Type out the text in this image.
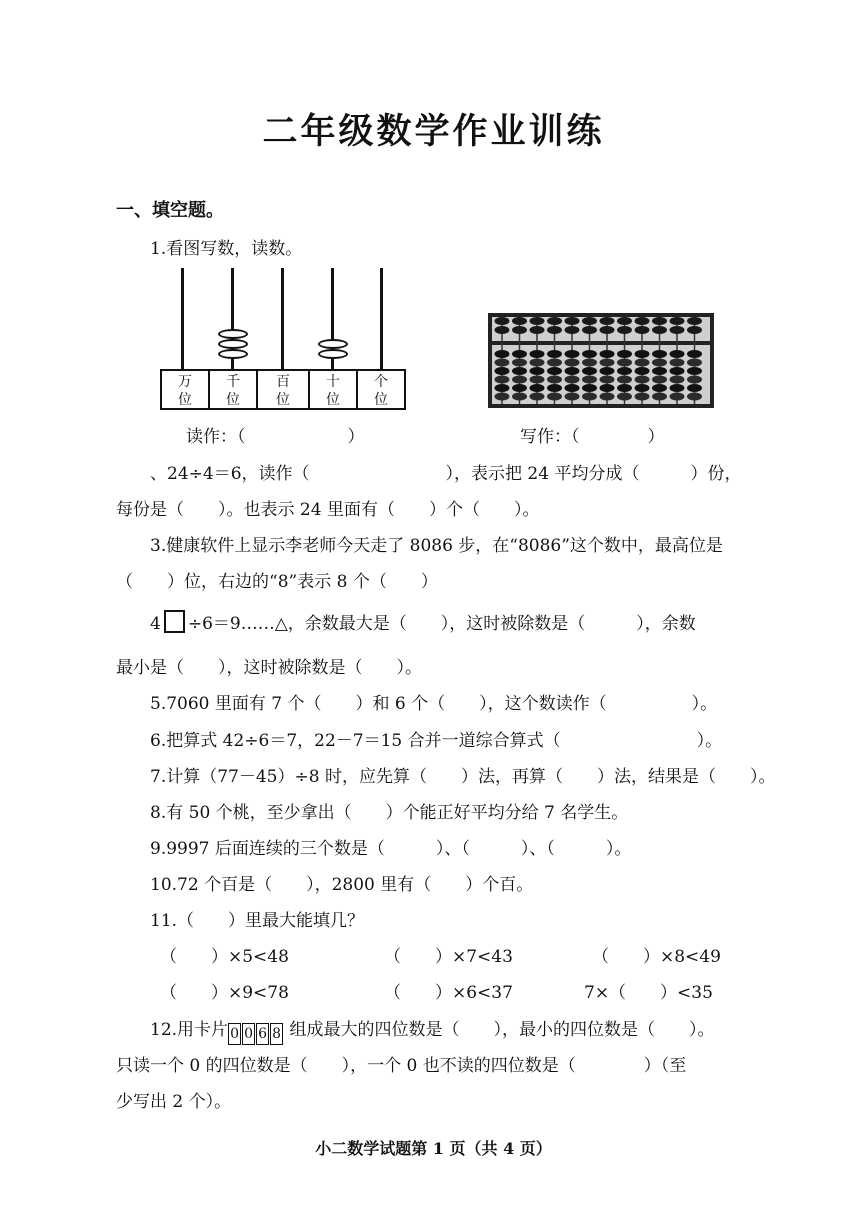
二年级数学作业训练
一、填空题。
1.看图写数，读数。
万
位
千
位
百
位
十
位
个
位
读作：（　　　　　　）	写作：（　　　　）
、24÷4＝6，读作（　　　　　　　　），表示把 24 平均分成（　　　）份，
每份是（　　）。也表示 24 里面有（　　）个（　　）。
3.健康软件上显示李老师今天走了 8086 步，在“8086”这个数中，最高位是
（　　）位，右边的“8”表示 8 个（　　）
4 ÷6＝9……△，余数最大是（　　），这时被除数是（　　　），余数
最小是（　　），这时被除数是（　　）。
5.7060 里面有 7 个（　　）和 6 个（　　），这个数读作（　　　　　）。
6.把算式 42÷6＝7，22－7＝15 合并一道综合算式（　　　　　　　　）。
7.计算（77－45）÷8 时，应先算（　　）法，再算（　　）法，结果是（　　）。
8.有 50 个桃，至少拿出（　　）个能正好平均分给 7 名学生。
9.9997 后面连续的三个数是（　　　）、（　　　）、（　　　）。
10.72 个百是（　　），2800 里有（　　）个百。
11.（　　）里最大能填几？
（　　）×5<48	（　　）×7<43	（　　）×8<49
（　　）×9<78	（　　）×6<37	7×（　　）<35
12.用卡片 0 0 6 8 组成最大的四位数是（　　），最小的四位数是（　　）。
只读一个 0 的四位数是（　　），一个 0 也不读的四位数是（　　　　）（至
少写出 2 个）。
小二数学试题第 1 页（共 4 页）
